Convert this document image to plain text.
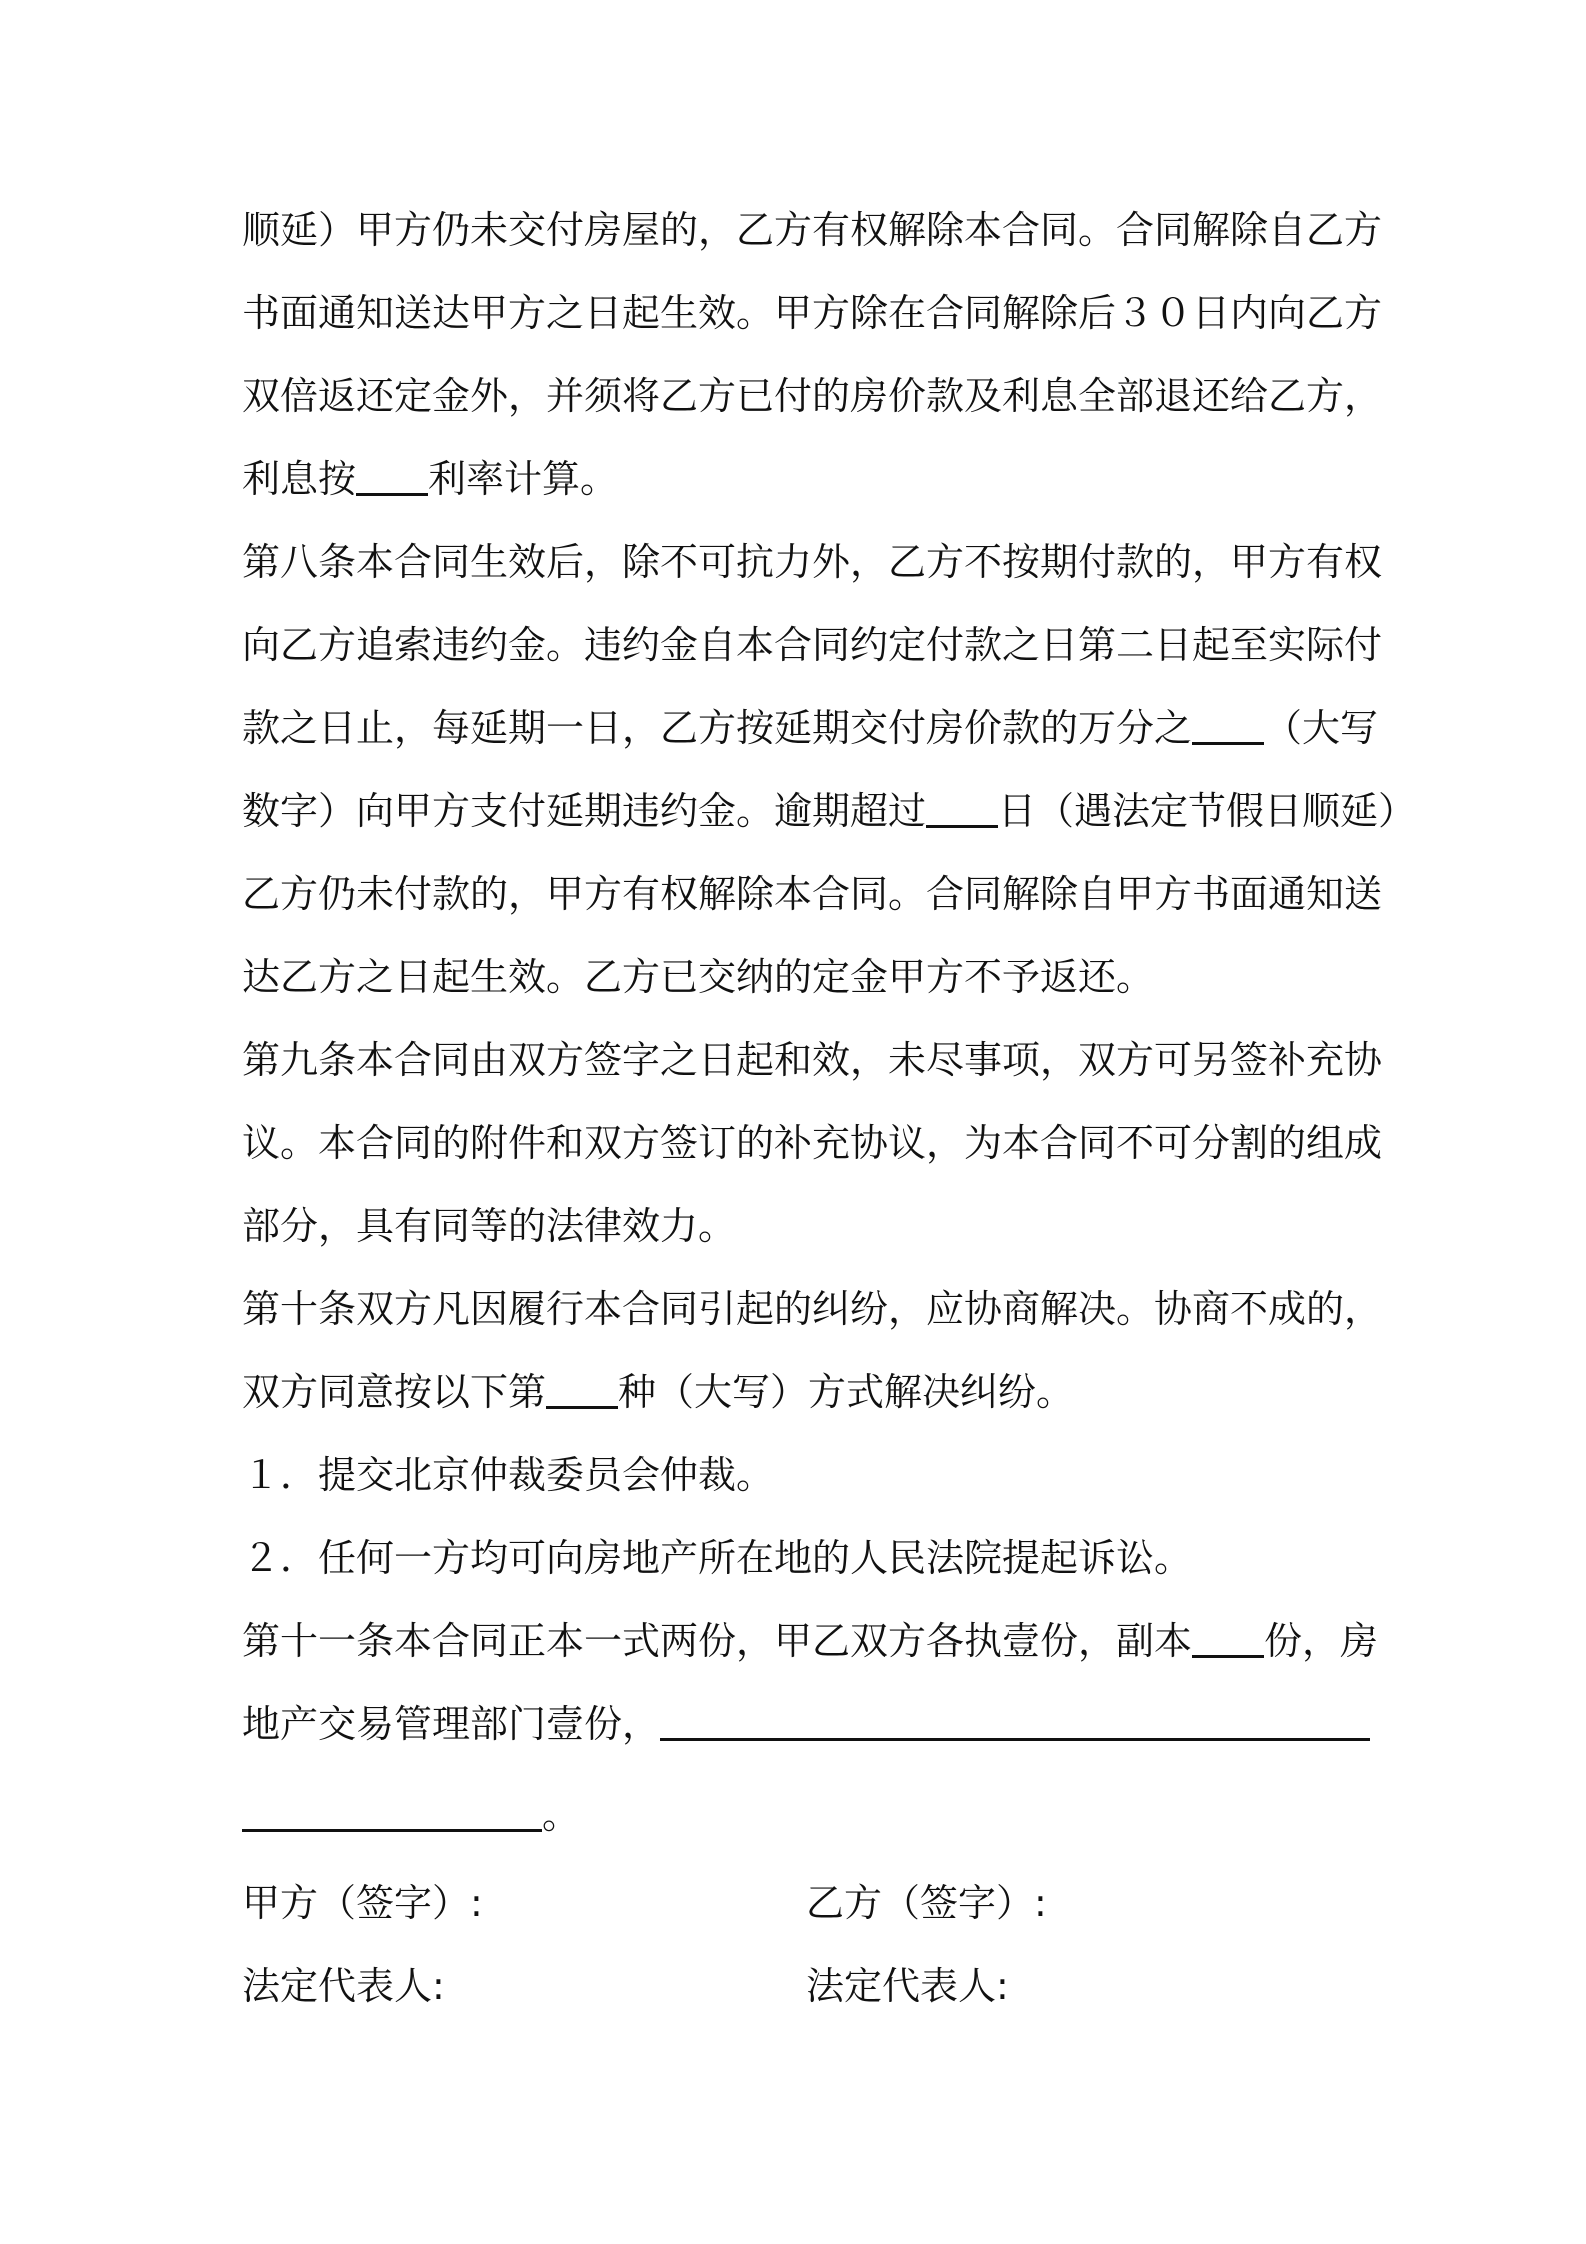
顺延）甲方仍未交付房屋的，乙方有权解除本合同。合同解除自乙方
书面通知送达甲方之日起生效。甲方除在合同解除后３０日内向乙方
双倍返还定金外，并须将乙方已付的房价款及利息全部退还给乙方，
利息按 利率计算。
第八条本合同生效后，除不可抗力外，乙方不按期付款的，甲方有权
向乙方追索违约金。违约金自本合同约定付款之日第二日起至实际付
款之日止，每延期一日，乙方按延期交付房价款的万分之 （大写
数字）向甲方支付延期违约金。逾期超过 日（遇法定节假日顺延）
乙方仍未付款的，甲方有权解除本合同。合同解除自甲方书面通知送
达乙方之日起生效。乙方已交纳的定金甲方不予返还。
第九条本合同由双方签字之日起和效，未尽事项，双方可另签补充协
议。本合同的附件和双方签订的补充协议，为本合同不可分割的组成
部分，具有同等的法律效力。
第十条双方凡因履行本合同引起的纠纷，应协商解决。协商不成的，
双方同意按以下第 种（大写）方式解决纠纷。
１．提交北京仲裁委员会仲裁。
２．任何一方均可向房地产所在地的人民法院提起诉讼。
第十一条本合同正本一式两份，甲乙双方各执壹份，副本 份，房
地产交易管理部门壹份，
。
甲方（签字）:	乙方（签字）:
法定代表人:	法定代表人:
